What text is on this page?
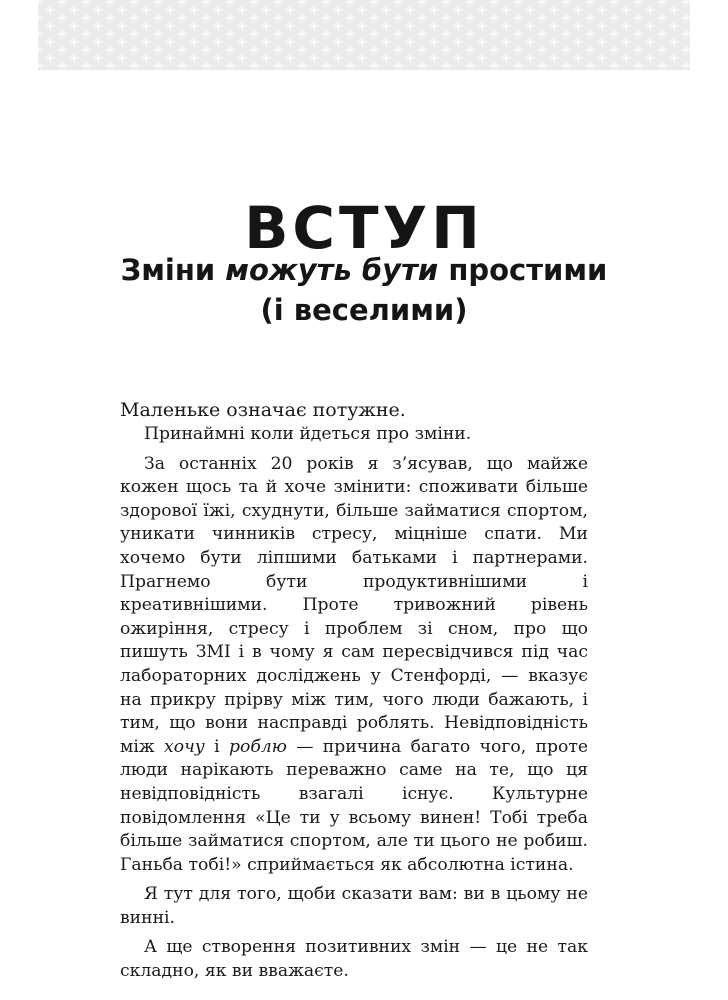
ВСТУП
Зміни можуть бути простими
(і веселими)

Маленьке означає потужне.

Принаймні коли йдеться про зміни.

За останніх 20 років я з’ясував, що майже кожен щось та й хоче змінити: споживати більше здорової їжі, схуднути, більше займатися спортом, уникати чинників стресу, міцніше спати. Ми хочемо бути ліпшими батьками і партнерами. Прагнемо бути продуктивнішими і креативнішими. Проте тривожний рівень ожиріння, стресу і проблем зі сном, про що пишуть ЗМІ і в чому я сам пересвідчився під час лабораторних досліджень у Стенфорді, — вказує на прикру прірву між тим, чого люди бажають, і тим, що вони насправді роблять. Невідповідність між хочу і роблю — причина багато чого, проте люди нарікають переважно саме на те, що ця невідповідність взагалі існує. Культурне повідомлення «Це ти у всьому винен! Тобі треба більше займатися спортом, але ти цього не робиш. Ганьба тобі!» сприймається як абсолютна істина.

Я тут для того, щоби сказати вам: ви в цьому не винні.

А ще створення позитивних змін — це не так складно, як ви вважаєте.
